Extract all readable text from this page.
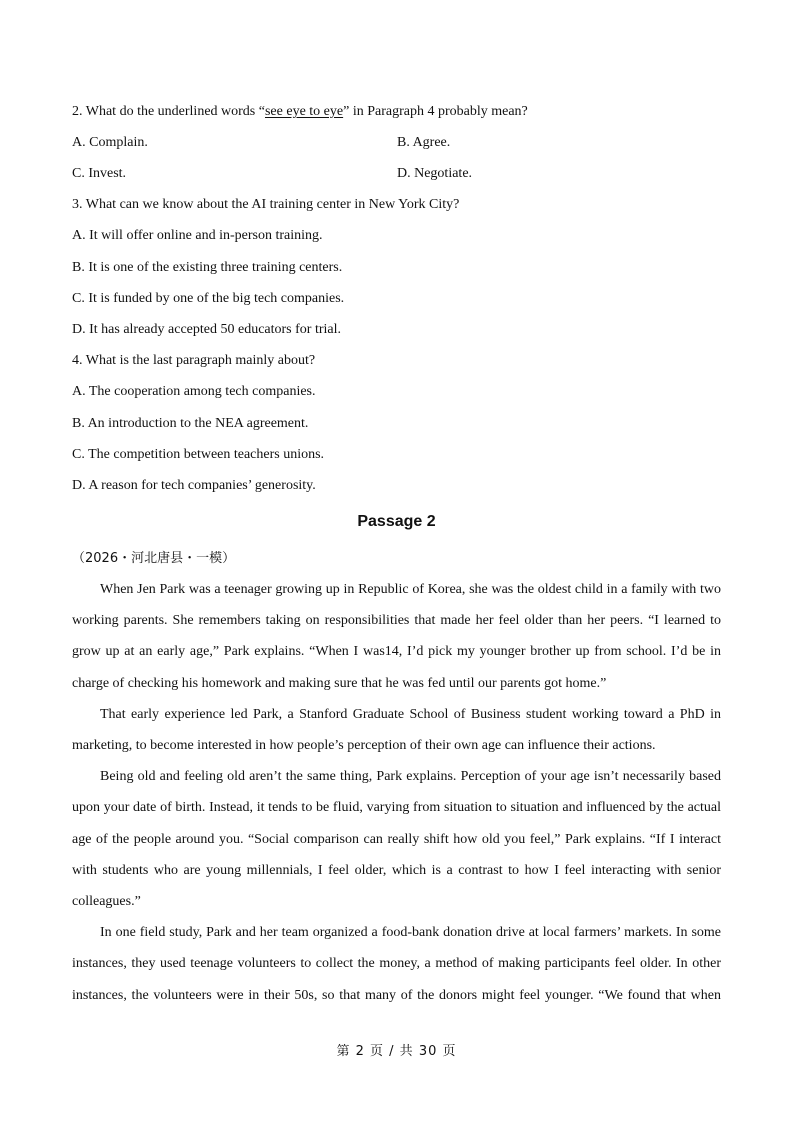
2. What do the underlined words “see eye to eye” in Paragraph 4 probably mean?
A. Complain.	B. Agree.
C. Invest.	D. Negotiate.
3. What can we know about the AI training center in New York City?
A. It will offer online and in-person training.
B. It is one of the existing three training centers.
C. It is funded by one of the big tech companies.
D. It has already accepted 50 educators for trial.
4. What is the last paragraph mainly about?
A. The cooperation among tech companies.
B. An introduction to the NEA agreement.
C. The competition between teachers unions.
D. A reason for tech companies’ generosity.
Passage 2
（2026・河北唐县・一模）
When Jen Park was a teenager growing up in Republic of Korea, she was the oldest child in a family with two
working parents. She remembers taking on responsibilities that made her feel older than her peers. “I learned to
grow up at an early age,” Park explains. “When I was14, I’d pick my younger brother up from school. I’d be in
charge of checking his homework and making sure that he was fed until our parents got home.”
That early experience led Park, a Stanford Graduate School of Business student working toward a PhD in
marketing, to become interested in how people’s perception of their own age can influence their actions.
Being old and feeling old aren’t the same thing, Park explains. Perception of your age isn’t necessarily based
upon your date of birth. Instead, it tends to be fluid, varying from situation to situation and influenced by the actual
age of the people around you. “Social comparison can really shift how old you feel,” Park explains. “If I interact
with students who are young millennials, I feel older, which is a contrast to how I feel interacting with senior
colleagues.”
In one field study, Park and her team organized a food-bank donation drive at local farmers’ markets. In some
instances, they used teenage volunteers to collect the money, a method of making participants feel older. In other
instances, the volunteers were in their 50s, so that many of the donors might feel younger. “We found that when
第 2 页 / 共 30 页
